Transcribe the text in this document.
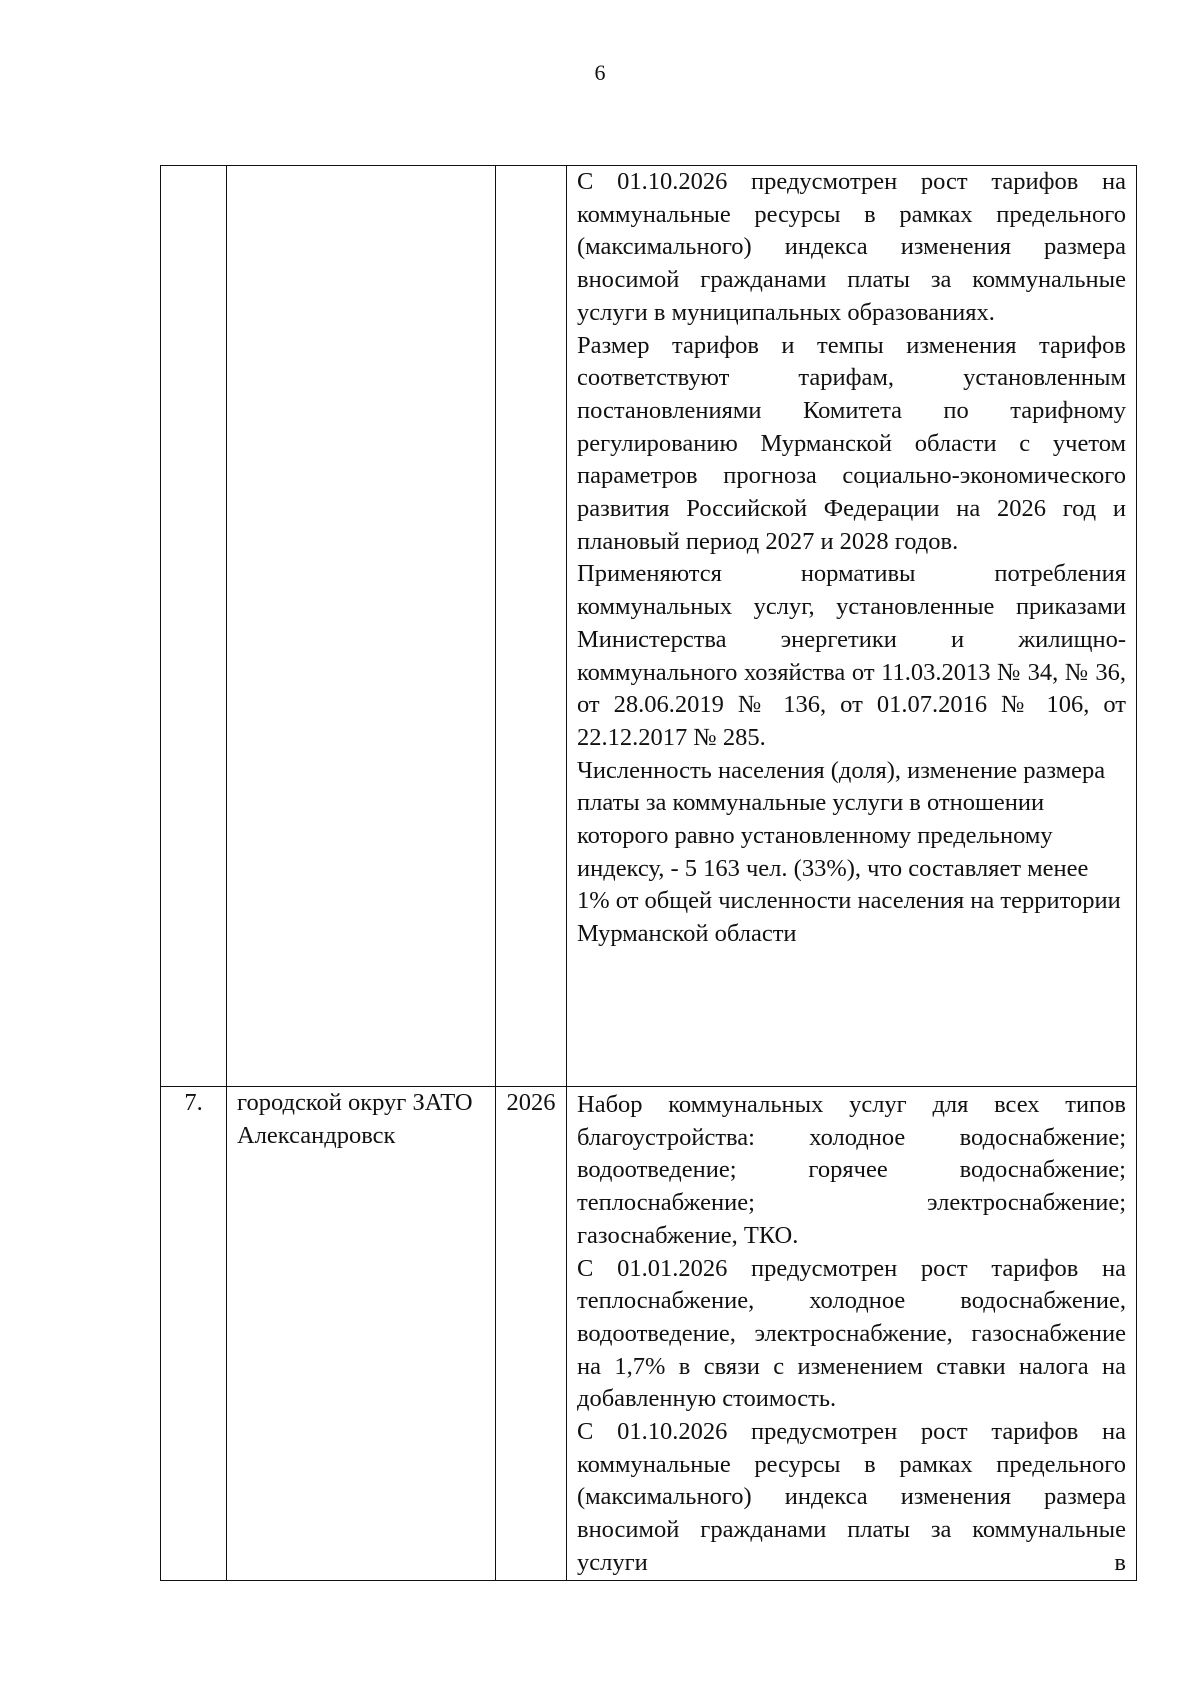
6

			С 01.10.2026 предусмотрен рост тарифов на коммунальные ресурсы в рамках предельного (максимального) индекса изменения размера вносимой гражданами платы за коммунальные услуги в муниципальных образованиях.

Размер тарифов и темпы изменения тарифов соответствуют тарифам, установленным постановлениями Комитета по тарифному регулированию Мурманской области с учетом параметров прогноза социально-экономического развития Российской Федерации на 2026 год и плановый период 2027 и 2028 годов.

Применяются нормативы потребления коммунальных услуг, установленные приказами Министерства энергетики и жилищно-коммунального хозяйства от 11.03.2013 № 34, № 36, от 28.06.2019 № 136, от 01.07.2016 № 106, от 22.12.2017 № 285.

Численность населения (доля), изменение размера платы за коммунальные услуги в отношении которого равно установленному предельному индексу, - 5 163 чел. (33%), что составляет менее 1% от общей численности населения на территории Мурманской области

7.	городской округ ЗАТО Александровск	2026	Набор коммунальных услуг для всех типов благоустройства: холодное водоснабжение; водоотведение; горячее водоснабжение; теплоснабжение; электроснабжение; газоснабжение, ТКО.

С 01.01.2026 предусмотрен рост тарифов на теплоснабжение, холодное водоснабжение, водоотведение, электроснабжение, газоснабжение на 1,7% в связи с изменением ставки налога на добавленную стоимость.

С 01.10.2026 предусмотрен рост тарифов на коммунальные ресурсы в рамках предельного (максимального) индекса изменения размера вносимой гражданами платы за коммунальные услуги в
